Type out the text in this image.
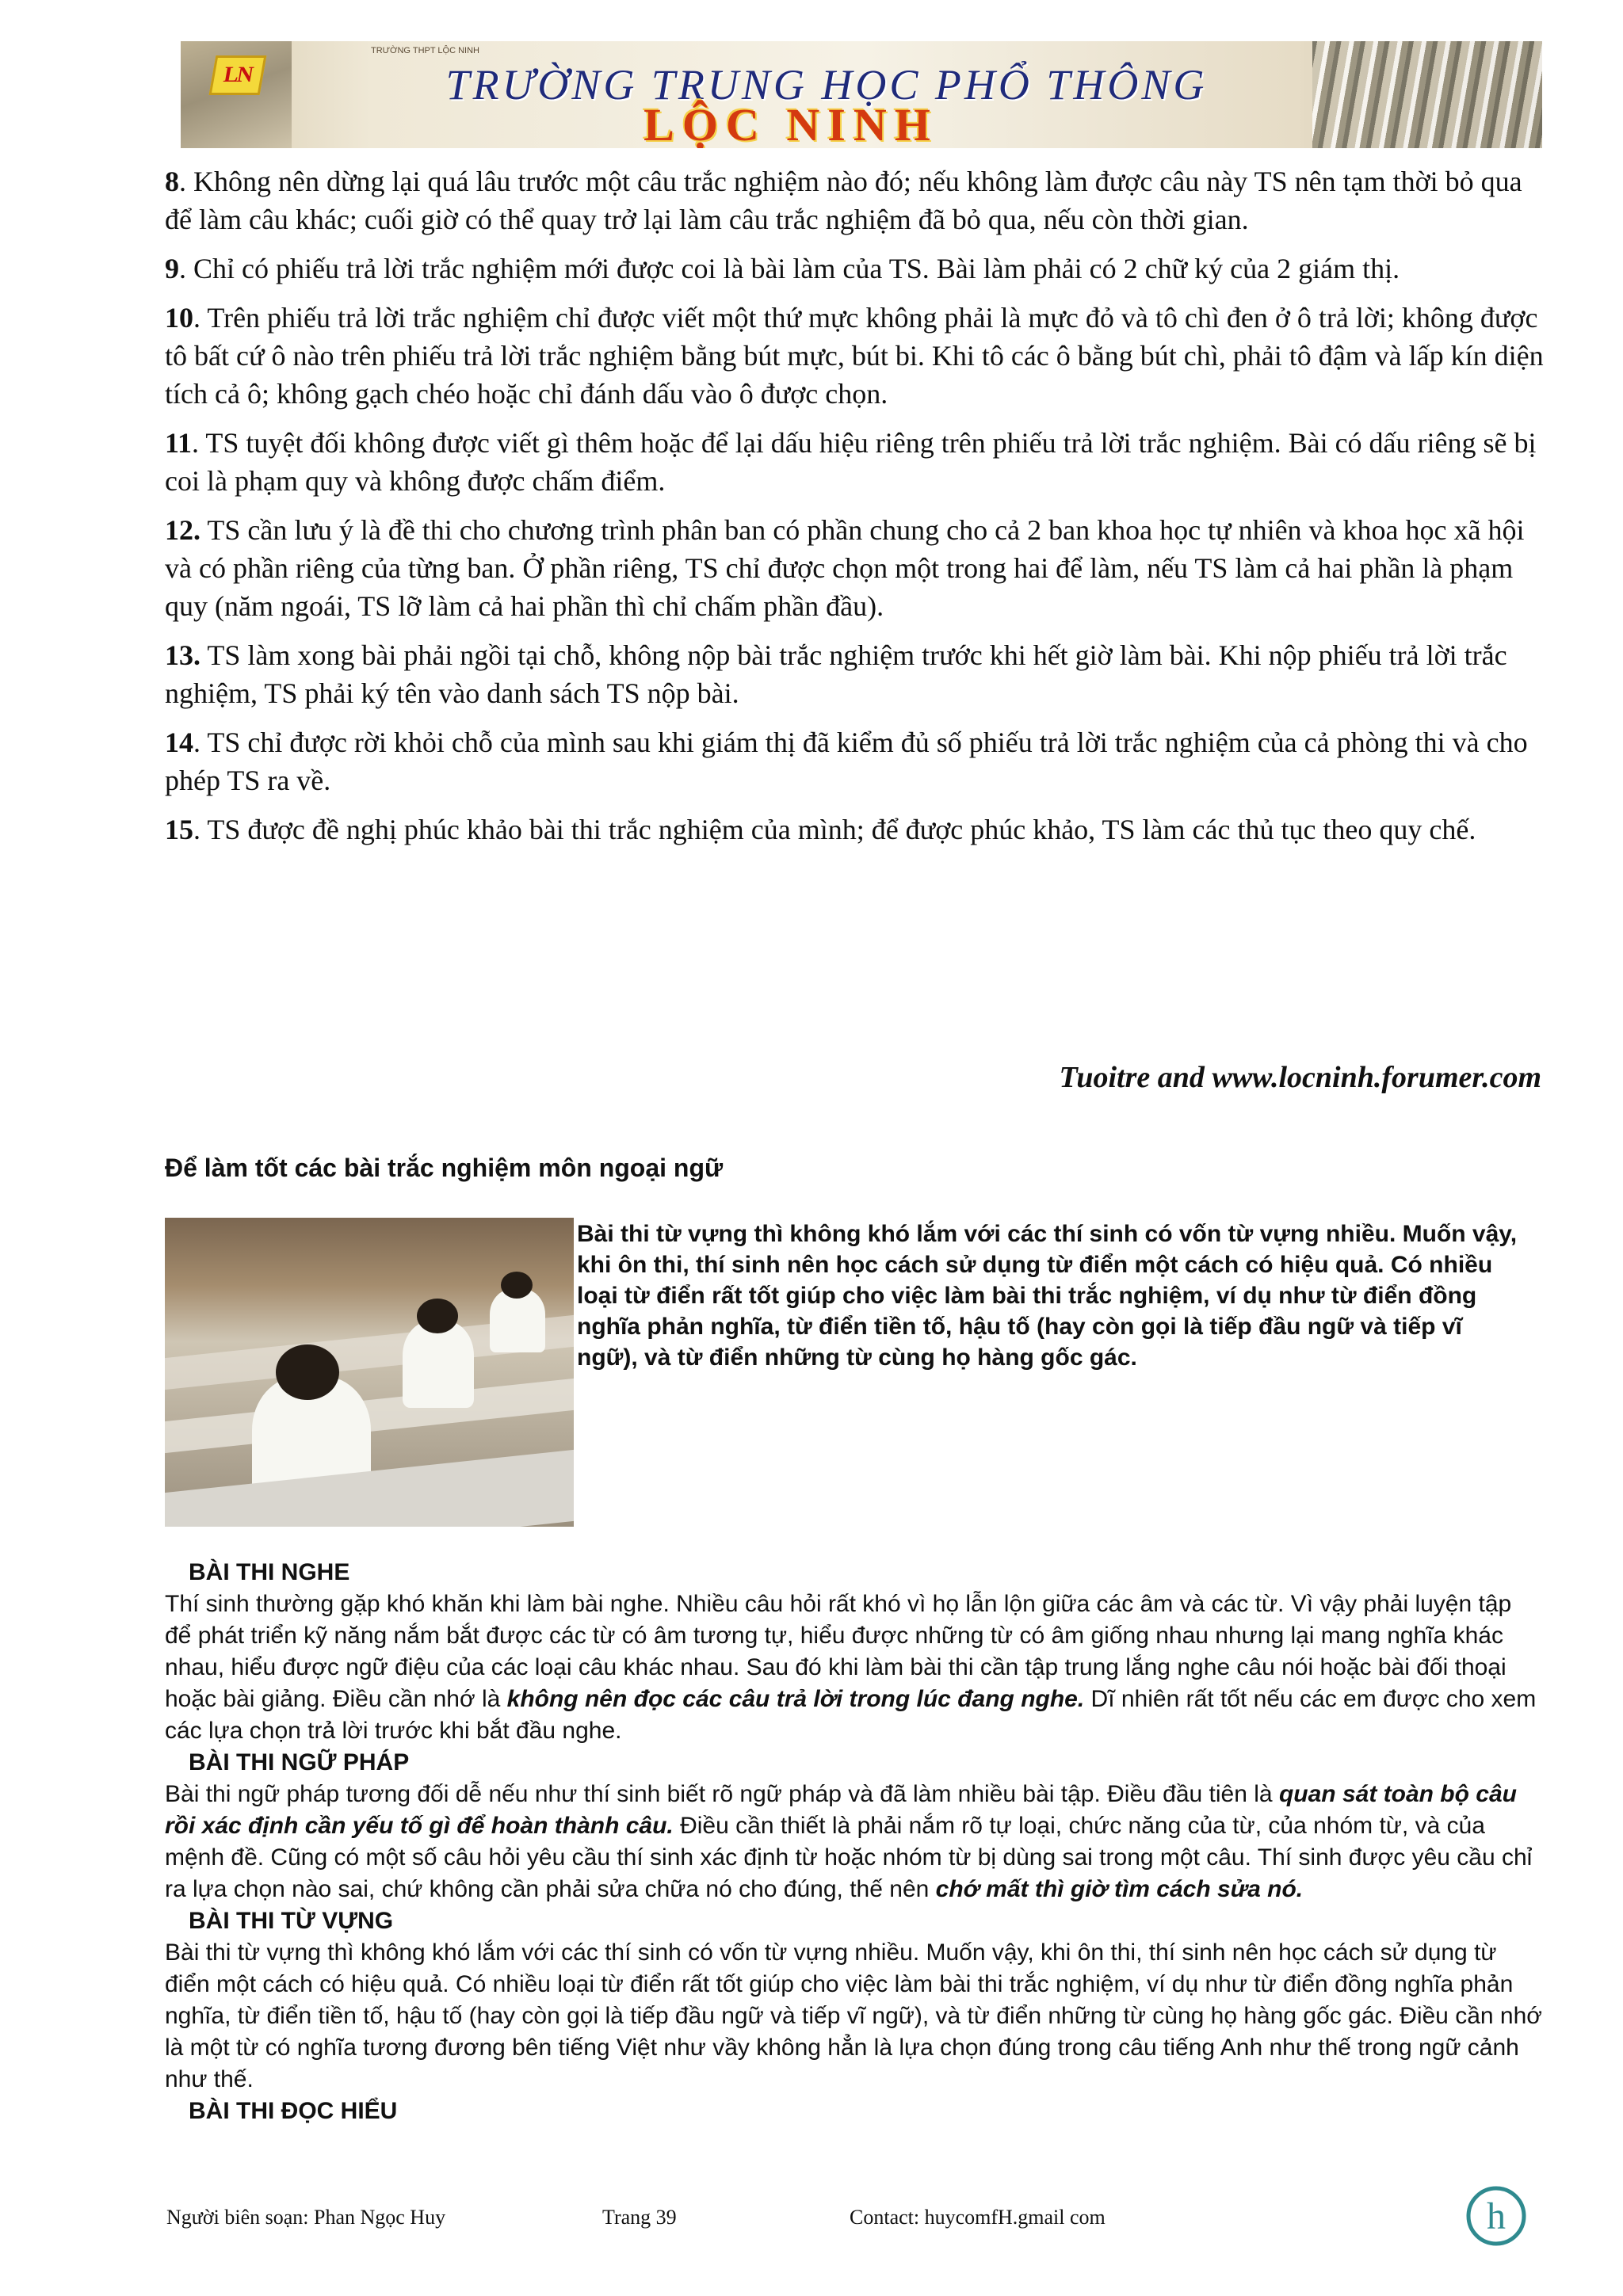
LN
TRƯỜNG THPT LỘC NINH
TRƯỜNG TRUNG HỌC PHỔ THÔNG
LỘC NINH

8. Không nên dừng lại quá lâu trước một câu trắc nghiệm nào đó; nếu không làm được câu này TS nên tạm thời bỏ qua để làm câu khác; cuối giờ có thể quay trở lại làm câu trắc nghiệm đã bỏ qua, nếu còn thời gian.

9. Chỉ có phiếu trả lời trắc nghiệm mới được coi là bài làm của TS. Bài làm phải có 2 chữ ký của 2 giám thị.

10. Trên phiếu trả lời trắc nghiệm chỉ được viết một thứ mực không phải là mực đỏ và tô chì đen ở ô trả lời; không được tô bất cứ ô nào trên phiếu trả lời trắc nghiệm bằng bút mực, bút bi. Khi tô các ô bằng bút chì, phải tô đậm và lấp kín diện tích cả ô; không gạch chéo hoặc chỉ đánh dấu vào ô được chọn.

11. TS tuyệt đối không được viết gì thêm hoặc để lại dấu hiệu riêng trên phiếu trả lời trắc nghiệm. Bài có dấu riêng sẽ bị coi là phạm quy và không được chấm điểm.

12. TS cần lưu ý là đề thi cho chương trình phân ban có phần chung cho cả 2 ban khoa học tự nhiên và khoa học xã hội và có phần riêng của từng ban. Ở phần riêng, TS chỉ được chọn một trong hai để làm, nếu TS làm cả hai phần là phạm quy (năm ngoái, TS lỡ làm cả hai phần thì chỉ chấm phần đầu).

13. TS làm xong bài phải ngồi tại chỗ, không nộp bài trắc nghiệm trước khi hết giờ làm bài. Khi nộp phiếu trả lời trắc nghiệm, TS phải ký tên vào danh sách TS nộp bài.

14. TS chỉ được rời khỏi chỗ của mình sau khi giám thị đã kiểm đủ số phiếu trả lời trắc nghiệm của cả phòng thi và cho phép TS ra về.

15. TS được đề nghị phúc khảo bài thi trắc nghiệm của mình; để được phúc khảo, TS làm các thủ tục theo quy chế.

Tuoitre and www.locninh.forumer.com
Để làm tốt các bài trắc nghiệm môn ngoại ngữ
Bài thi từ vựng thì không khó lắm với các thí sinh có vốn từ vựng nhiều. Muốn vậy, khi ôn thi, thí sinh nên học cách sử dụng từ điển một cách có hiệu quả. Có nhiều loại từ điển rất tốt giúp cho việc làm bài thi trắc nghiệm, ví dụ như từ điển đồng nghĩa phản nghĩa, từ điển tiền tố, hậu tố (hay còn gọi là tiếp đầu ngữ và tiếp vĩ ngữ), và từ điển những từ cùng họ hàng gốc gác.
BÀI THI NGHE

Thí sinh thường gặp khó khăn khi làm bài nghe. Nhiều câu hỏi rất khó vì họ lẫn lộn giữa các âm và các từ. Vì vậy phải luyện tập để phát triển kỹ năng nắm bắt được các từ có âm tương tự, hiểu được những từ có âm giống nhau nhưng lại mang nghĩa khác nhau, hiểu được ngữ điệu của các loại câu khác nhau. Sau đó khi làm bài thi cần tập trung lắng nghe câu nói hoặc bài đối thoại hoặc bài giảng. Điều cần nhớ là không nên đọc các câu trả lời trong lúc đang nghe. Dĩ nhiên rất tốt nếu các em được cho xem các lựa chọn trả lời trước khi bắt đầu nghe.

BÀI THI NGỮ PHÁP

Bài thi ngữ pháp tương đối dễ nếu như thí sinh biết rõ ngữ pháp và đã làm nhiều bài tập. Điều đầu tiên là quan sát toàn bộ câu rồi xác định cần yếu tố gì để hoàn thành câu. Điều cần thiết là phải nắm rõ tự loại, chức năng của từ, của nhóm từ, và của mệnh đề. Cũng có một số câu hỏi yêu cầu thí sinh xác định từ hoặc nhóm từ bị dùng sai trong một câu. Thí sinh được yêu cầu chỉ ra lựa chọn nào sai, chứ không cần phải sửa chữa nó cho đúng, thế nên chớ mất thì giờ tìm cách sửa nó.

BÀI THI TỪ VỰNG

Bài thi từ vựng thì không khó lắm với các thí sinh có vốn từ vựng nhiều. Muốn vậy, khi ôn thi, thí sinh nên học cách sử dụng từ điển một cách có hiệu quả. Có nhiều loại từ điển rất tốt giúp cho việc làm bài thi trắc nghiệm, ví dụ như từ điển đồng nghĩa phản nghĩa, từ điển tiền tố, hậu tố (hay còn gọi là tiếp đầu ngữ và tiếp vĩ ngữ), và từ điển những từ cùng họ hàng gốc gác. Điều cần nhớ là một từ có nghĩa tương đương bên tiếng Việt như vầy không hẳn là lựa chọn đúng trong câu tiếng Anh như thế trong ngữ cảnh như thế.

BÀI THI ĐỌC HIỂU
Người biên soạn: Phan Ngọc Huy	Trang 39	Contact: huycomfH.gmail com	h
